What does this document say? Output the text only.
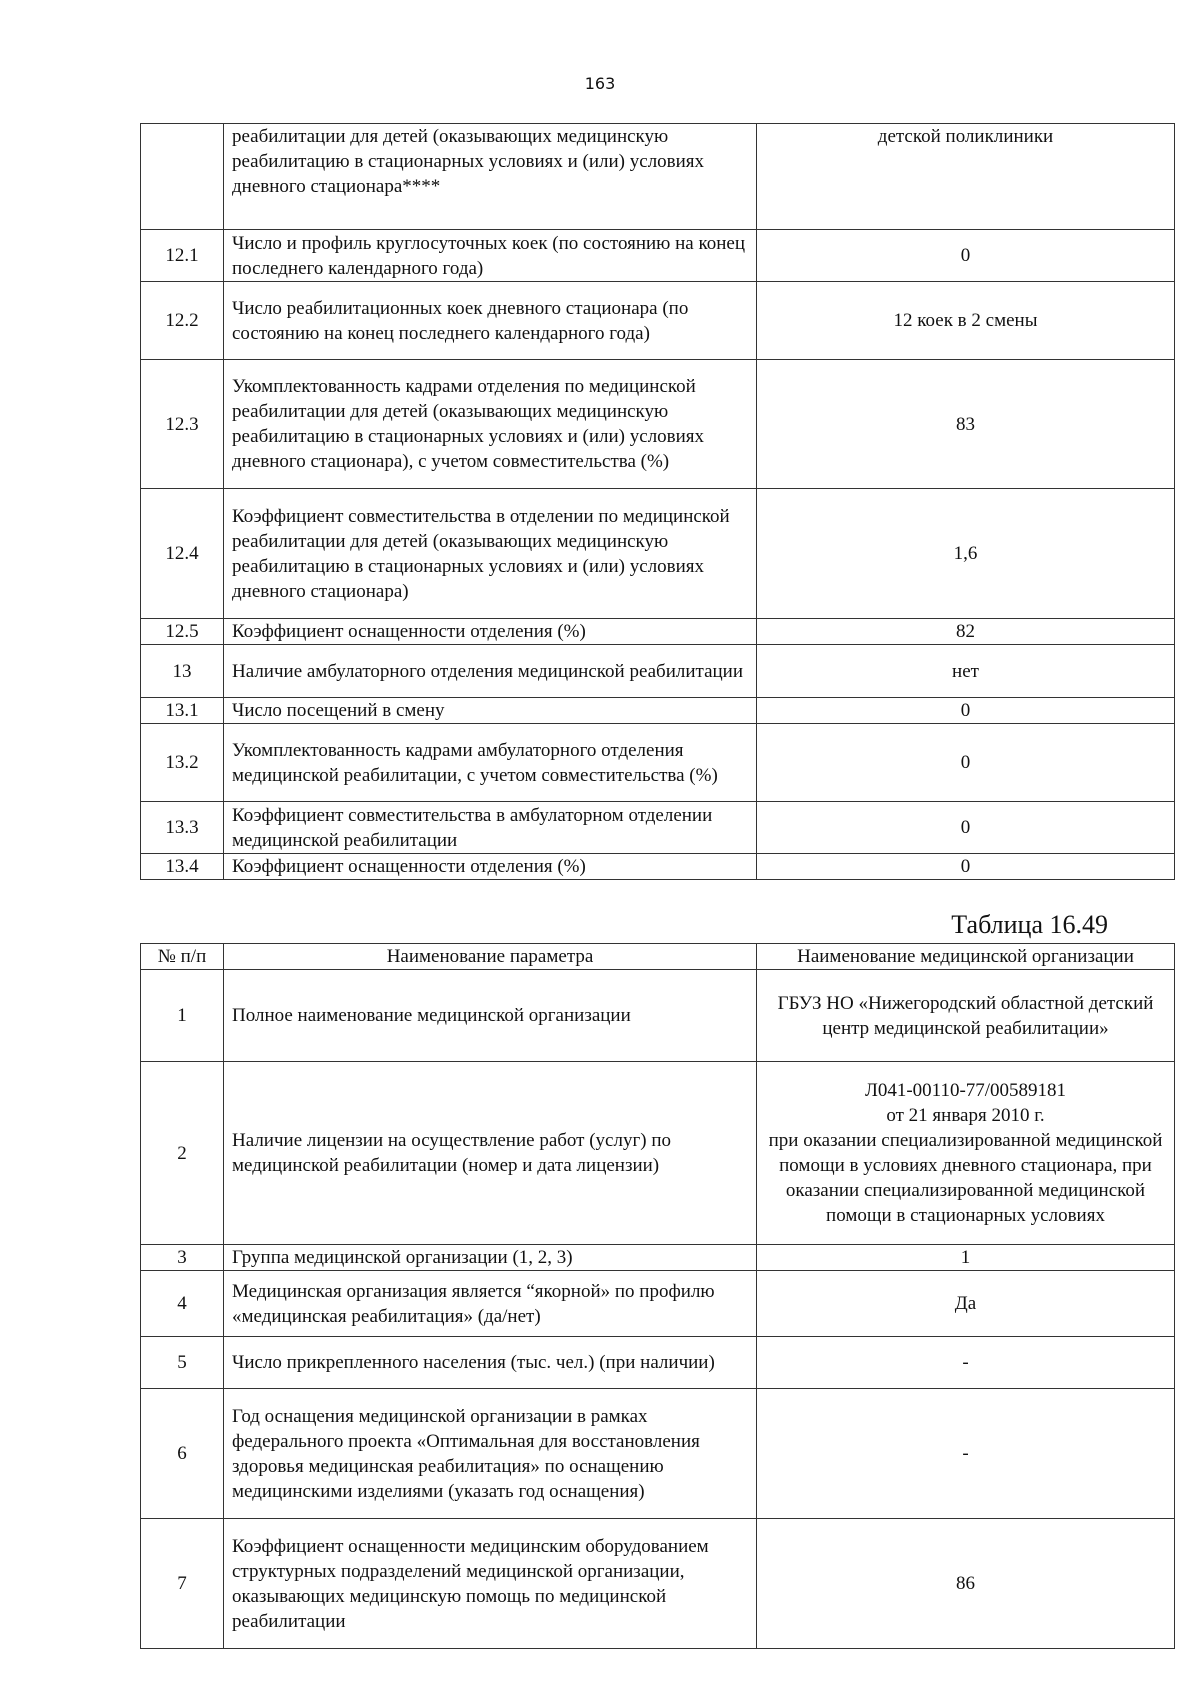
163
	реабилитации для детей (оказывающих медицинскую реабилитацию в стационарных условиях и (или) условиях дневного стационара****	детской поликлиники
12.1	Число и профиль круглосуточных коек (по состоянию на конец последнего календарного года)	0
12.2	Число реабилитационных коек дневного стационара (по состоянию на конец последнего календарного года)	12 коек в 2 смены
12.3	Укомплектованность кадрами отделения по медицинской реабилитации для детей (оказывающих медицинскую реабилитацию в стационарных условиях и (или) условиях дневного стационара), с учетом совместительства (%)	83
12.4	Коэффициент совместительства в отделении по медицинской реабилитации для детей (оказывающих медицинскую реабилитацию в стационарных условиях и (или) условиях дневного стационара)	1,6
12.5	Коэффициент оснащенности отделения (%)	82
13	Наличие амбулаторного отделения медицинской реабилитации	нет
13.1	Число посещений в смену	0
13.2	Укомплектованность кадрами амбулаторного отделения медицинской реабилитации, с учетом совместительства (%)	0
13.3	Коэффициент совместительства в амбулаторном отделении медицинской реабилитации	0
13.4	Коэффициент оснащенности отделения (%)	0
Таблица 16.49
№ п/п	Наименование параметра	Наименование медицинской организации
1	Полное наименование медицинской организации	ГБУЗ НО «Нижегородский областной детский центр медицинской реабилитации»
2	Наличие лицензии на осуществление работ (услуг) по медицинской реабилитации (номер и дата лицензии)	Л041-00110-77/00589181
от 21 января 2010 г.
при оказании специализированной медицинской помощи в условиях дневного стационара, при оказании специализированной медицинской помощи в стационарных условиях
3	Группа медицинской организации (1, 2, 3)	1
4	Медицинская организация является “якорной» по профилю «медицинская реабилитация» (да/нет)	Да
5	Число прикрепленного населения (тыс. чел.) (при наличии)	-
6	Год оснащения медицинской организации в рамках федерального проекта «Оптимальная для восстановления здоровья медицинская реабилитация» по оснащению медицинскими изделиями (указать год оснащения)	-
7	Коэффициент оснащенности медицинским оборудованием структурных подразделений медицинской организации, оказывающих медицинскую помощь по медицинской реабилитации	86
